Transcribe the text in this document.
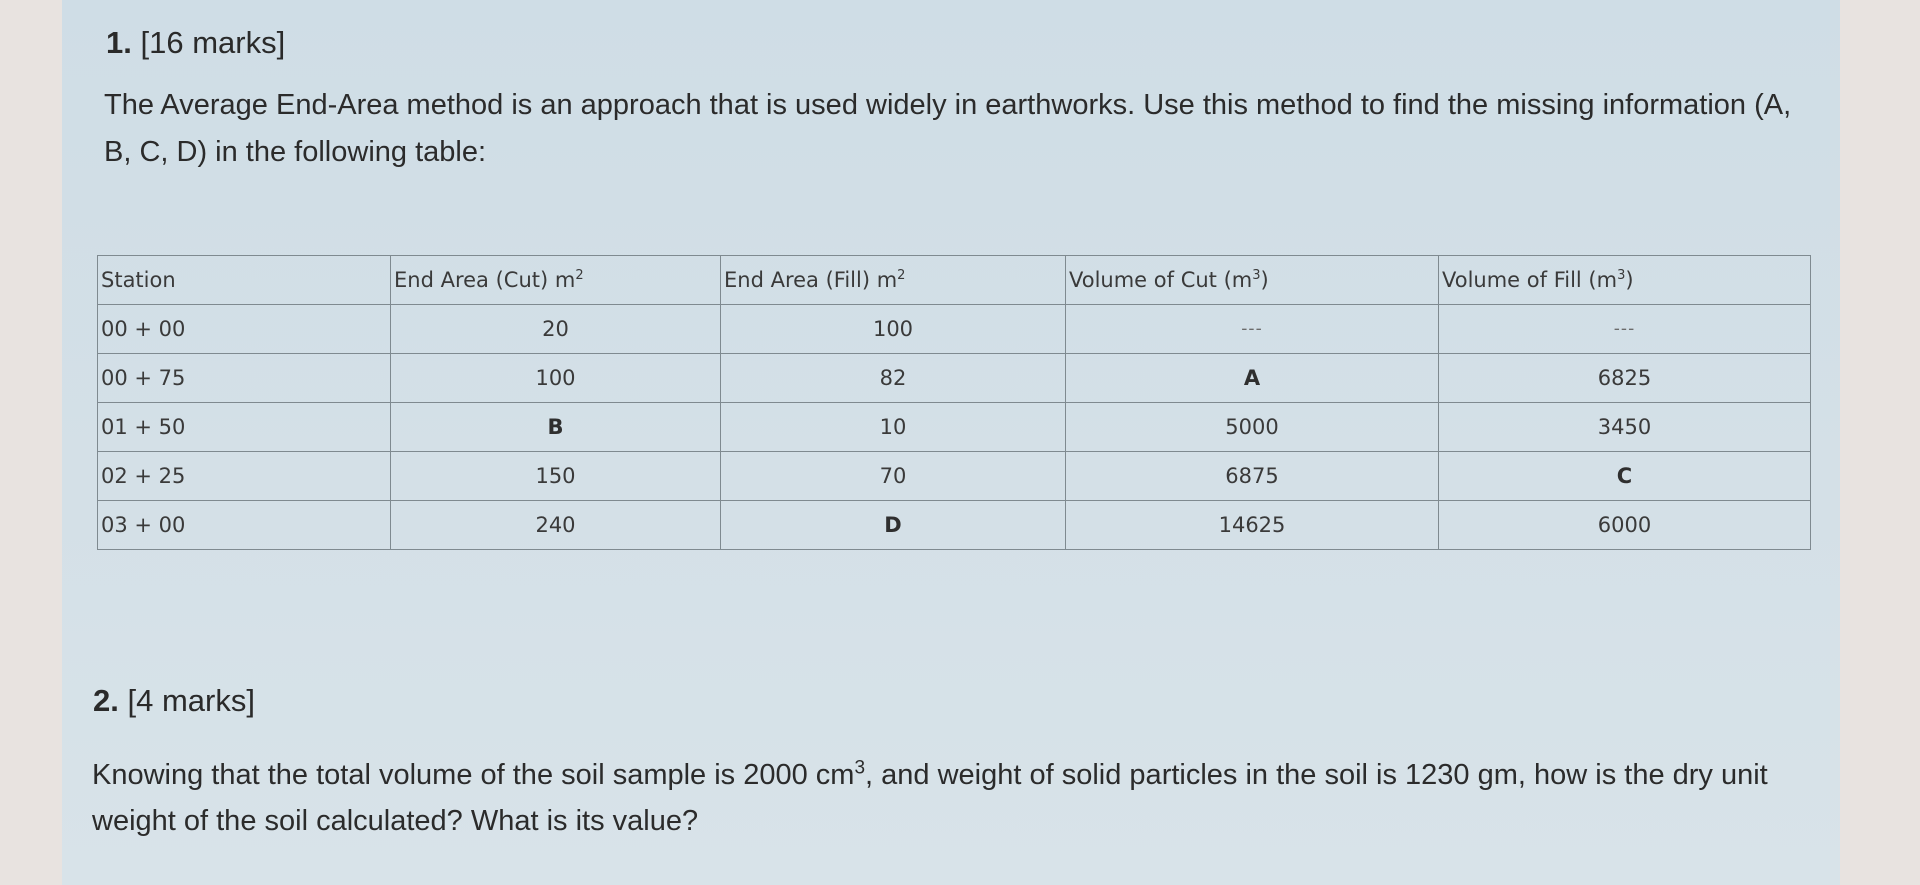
1. [16 marks]
The Average End-Area method is an approach that is used widely in earthworks. Use this method to find the missing information (A, B, C, D) in the following table:
Station	End Area (Cut) $m^2$	End Area (Fill) $m^2$	Volume of Cut $(m^3)$	Volume of Fill $(m^3)$
00 + 00	20	100	---	---
00 + 75	100	82	A	6825
01 + 50	B	10	5000	3450
02 + 25	150	70	6875	C
03 + 00	240	D	14625	6000
2. [4 marks]
Knowing that the total volume of the soil sample is 2000 $cm^3$, and weight of solid particles in the soil is 1230 gm, how is the dry unit weight of the soil calculated? What is its value?
